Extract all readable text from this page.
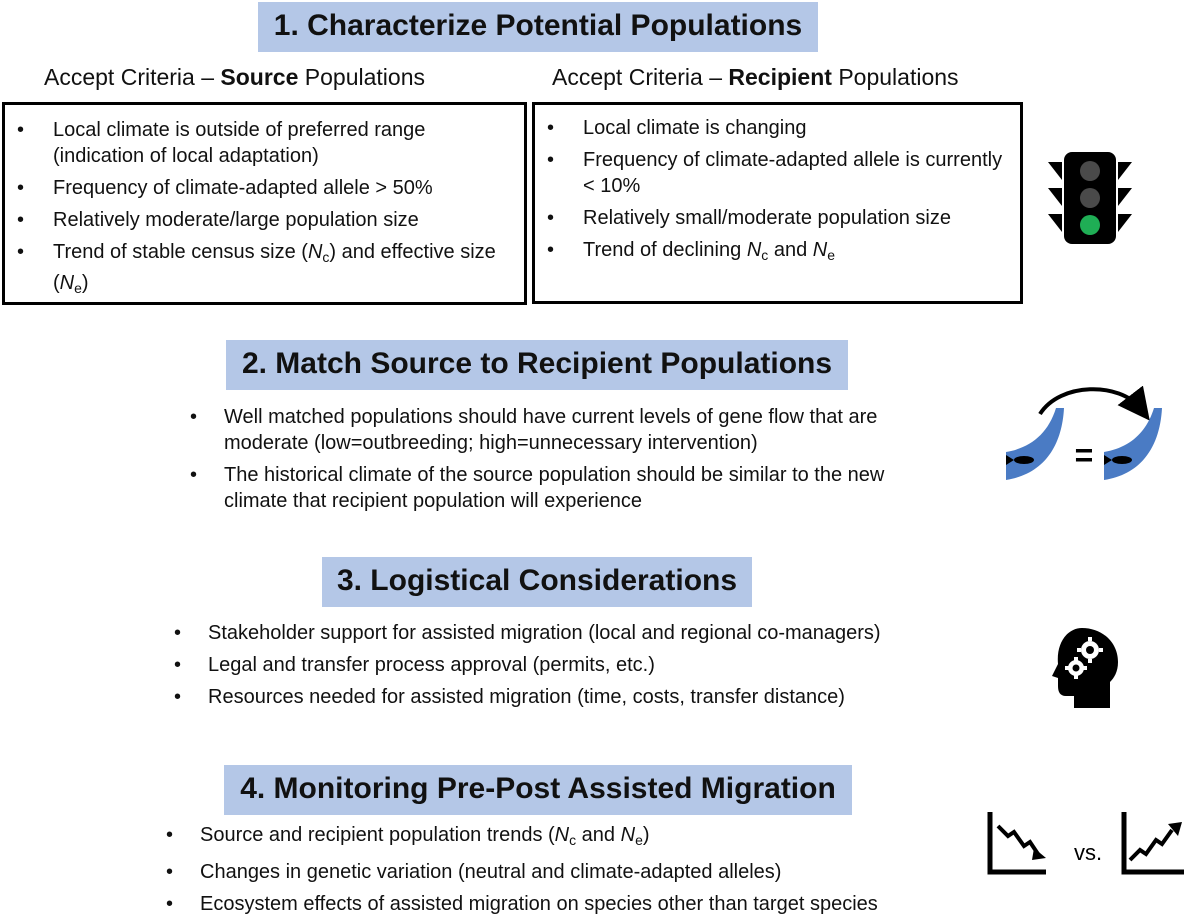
1. Characterize Potential Populations
Accept Criteria – Source Populations	Accept Criteria – Recipient Populations
• Local climate is outside of preferred range (indication of local adaptation)
• Frequency of climate-adapted allele > 50%
• Relatively moderate/large population size
• Trend of stable census size $(N_c)$ and effective size $(N_e)$
• Local climate is changing
• Frequency of climate-adapted allele is currently < 10%
• Relatively small/moderate population size
• Trend of declining $N_c$ and $N_e$
2. Match Source to Recipient Populations
• Well matched populations should have current levels of gene flow that are moderate (low=outbreeding; high=unnecessary intervention)
• The historical climate of the source population should be similar to the new climate that recipient population will experience
=
3. Logistical Considerations
• Stakeholder support for assisted migration (local and regional co-managers)
• Legal and transfer process approval (permits, etc.)
• Resources needed for assisted migration (time, costs, transfer distance)
4. Monitoring Pre-Post Assisted Migration
• Source and recipient population trends ($N_c$ and $N_e$)
• Changes in genetic variation (neutral and climate-adapted alleles)
• Ecosystem effects of assisted migration on species other than target species
vs.
